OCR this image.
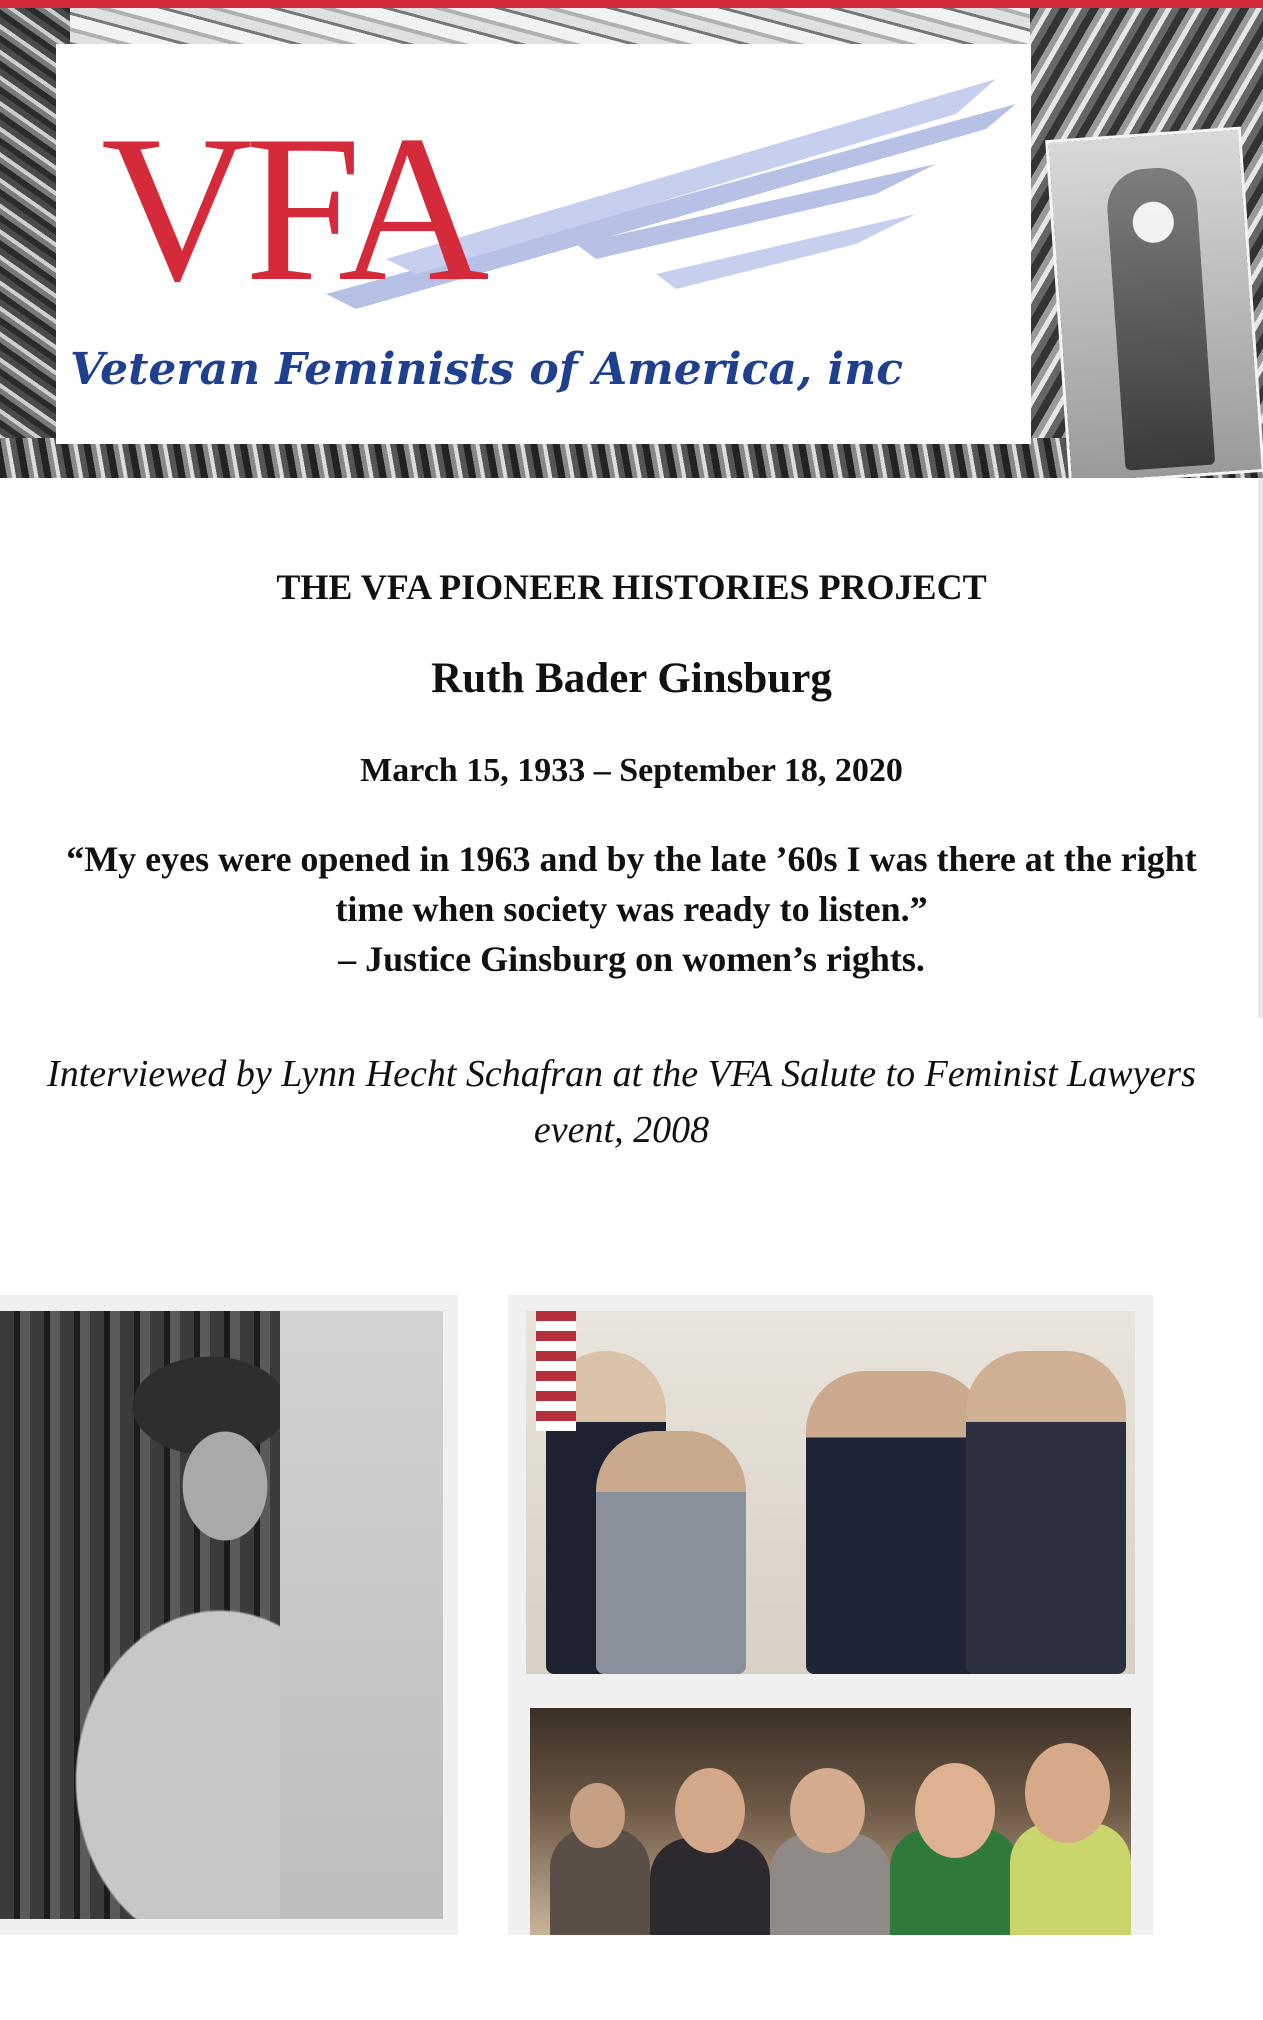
VFA
Veteran Feminists of America, inc
THE VFA PIONEER HISTORIES PROJECT
Ruth Bader Ginsburg

March 15, 1933 – September 18, 2020

“My eyes were opened in 1963 and by the late ’60s I was there at the right
time when society was ready to listen.”
– Justice Ginsburg on women’s rights.

Interviewed by Lynn Hecht Schafran at the VFA Salute to Feminist Lawyers
event, 2008
